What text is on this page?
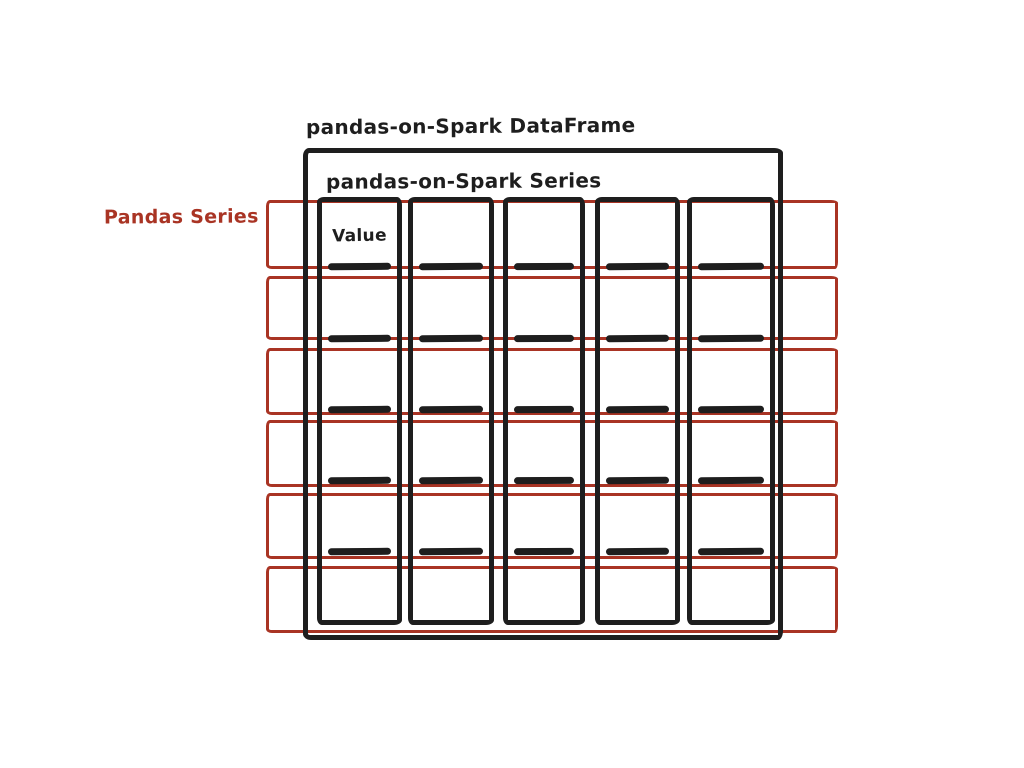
pandas-on-Spark DataFrame
Pandas Series
pandas-on-Spark Series
Value
